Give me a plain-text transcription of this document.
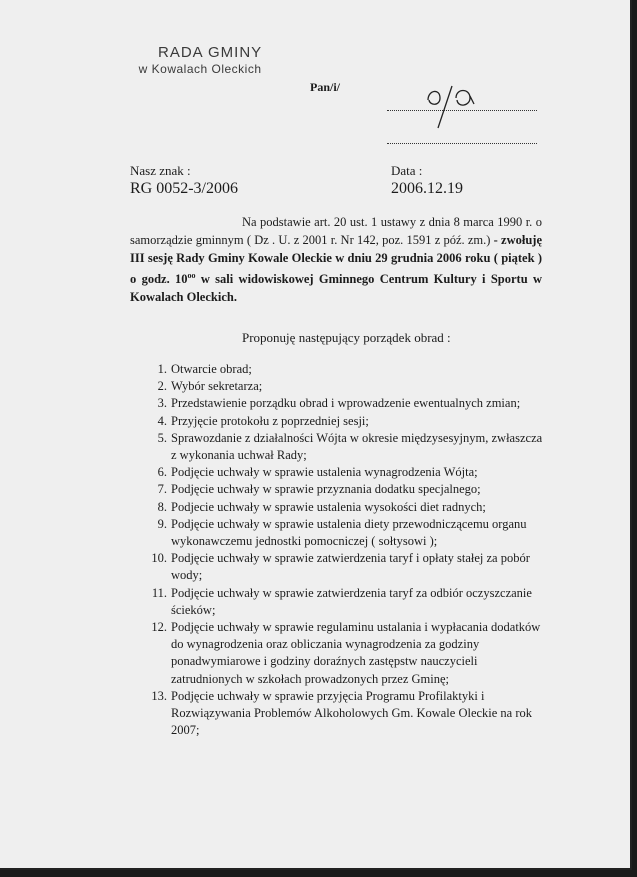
RADA GMINY
w Kowalach Oleckich
Pan/i/
Nasz znak :
RG 0052-3/2006
Data :
2006.12.19

Na podstawie art. 20 ust. 1 ustawy z dnia 8 marca 1990 r. o samorządzie gminnym ( Dz . U. z 2001 r. Nr 142, poz. 1591 z póź. zm.) - zwołuję III sesję Rady Gminy Kowale Oleckie w dniu 29 grudnia 2006 roku ( piątek ) o godz. $10^{oo}$ w sali widowiskowej Gminnego Centrum Kultury i Sportu w Kowalach Oleckich.

Proponuję następujący porządek obrad :
1. Otwarcie obrad;
2. Wybór sekretarza;
3. Przedstawienie porządku obrad i wprowadzenie ewentualnych zmian;
4. Przyjęcie protokołu z poprzedniej sesji;
5. Sprawozdanie z działalności Wójta w okresie międzysesyjnym, zwłaszcza z wykonania uchwał Rady;
6. Podjęcie uchwały w sprawie ustalenia wynagrodzenia Wójta;
7. Podjęcie uchwały w sprawie przyznania dodatku specjalnego;
8. Podjecie uchwały w sprawie ustalenia wysokości diet radnych;
9. Podjęcie uchwały w sprawie ustalenia diety przewodniczącemu organu wykonawczemu jednostki pomocniczej ( sołtysowi );
10. Podjęcie uchwały w sprawie zatwierdzenia taryf i opłaty stałej za pobór wody;
11. Podjęcie uchwały w sprawie zatwierdzenia taryf za odbiór oczyszczanie ścieków;
12. Podjęcie uchwały w sprawie regulaminu ustalania i wypłacania dodatków do wynagrodzenia oraz obliczania wynagrodzenia za godziny ponadwymiarowe i godziny doraźnych zastępstw nauczycieli zatrudnionych w szkołach prowadzonych przez Gminę;
13. Podjęcie uchwały w sprawie przyjęcia Programu Profilaktyki i Rozwiązywania Problemów Alkoholowych Gm. Kowale Oleckie na rok 2007;
